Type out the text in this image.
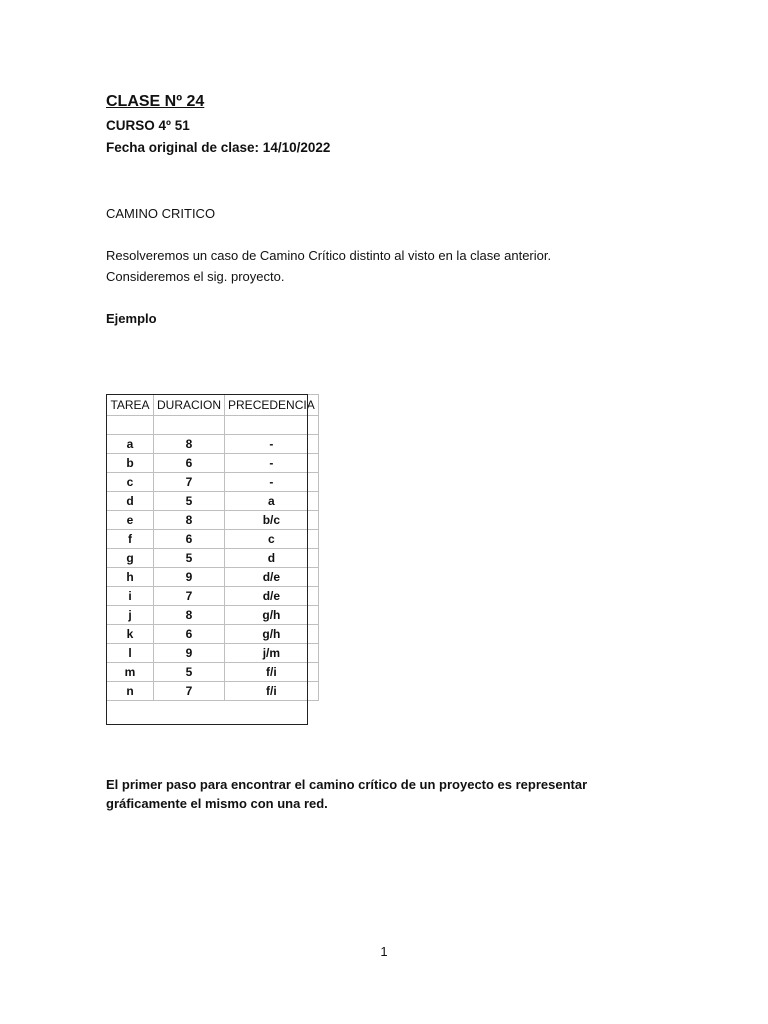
CLASE Nº 24
CURSO 4º 51
Fecha original de clase: 14/10/2022
CAMINO CRITICO
Resolveremos un caso de Camino Crítico distinto al visto en la clase anterior.
Consideremos el sig. proyecto.
Ejemplo
TAREA	DURACION	PRECEDENCIA

a	8	-
b	6	-
c	7	-
d	5	a
e	8	b/c
f	6	c
g	5	d
h	9	d/e
i	7	d/e
j	8	g/h
k	6	g/h
l	9	j/m
m	5	f/i
n	7	f/i
El primer paso para encontrar el camino crítico de un proyecto es representar gráficamente el mismo con una red.
1
